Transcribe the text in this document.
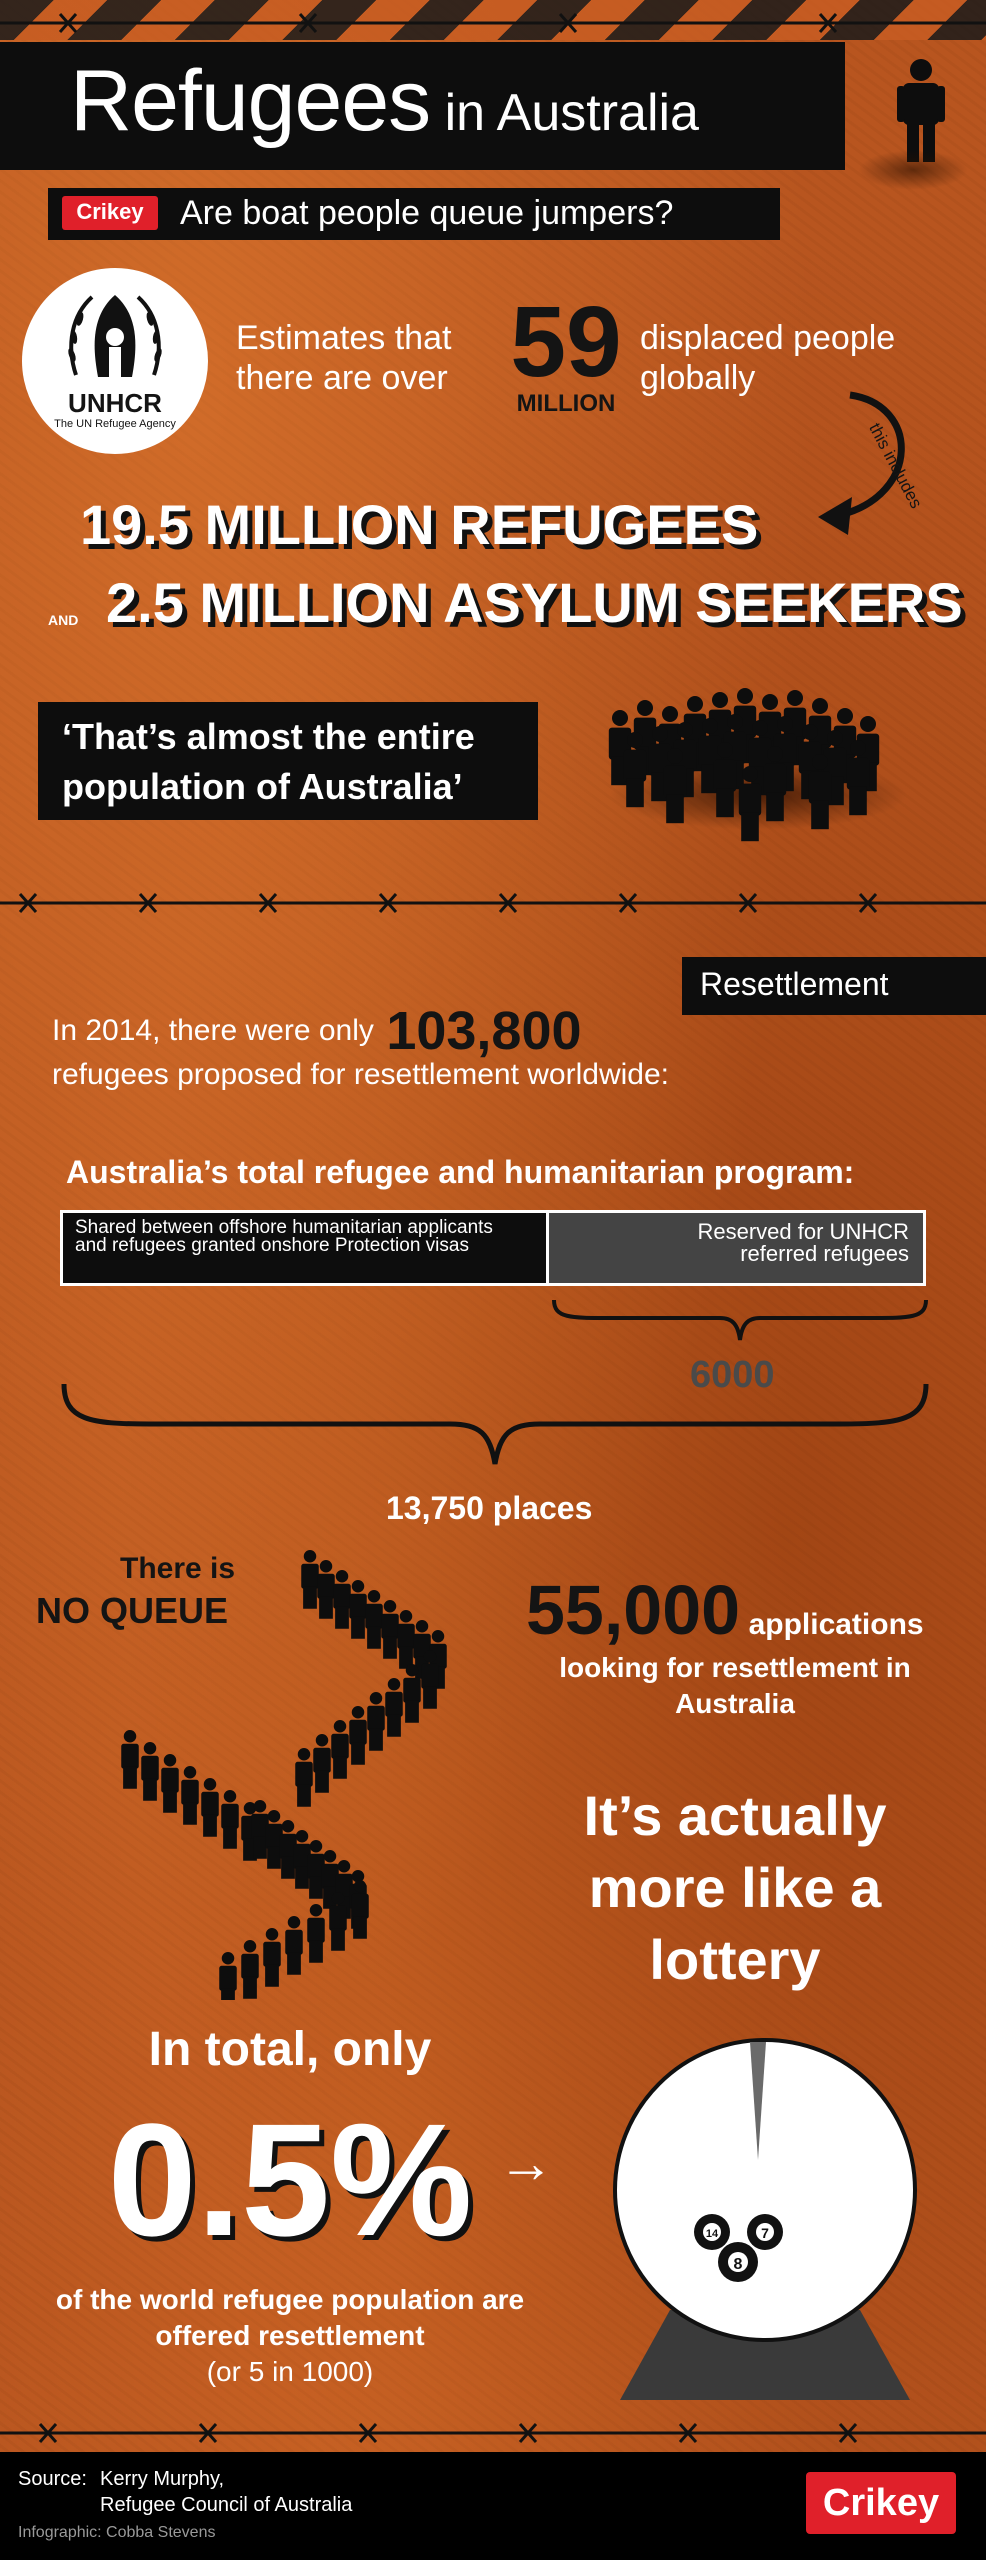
Refugees in Australia
Crikey	Are boat people queue jumpers?
UNHCR
The UN Refugee Agency
Estimates that there are over 59
MILLION
displaced people globally
this includes
19.5 MILLION REFUGEES
AND 2.5 MILLION ASYLUM SEEKERS
‘That’s almost the entire population of Australia’
Resettlement
In 2014, there were only 103,800
refugees proposed for resettlement worldwide:
Australia’s total refugee and humanitarian program:
Shared between offshore humanitarian applicants and refugees granted onshore Protection visas
Reserved for UNHCR referred refugees
6000
13,750 places
There is
NO QUEUE	55,000 applications
looking for resettlement in Australia
It’s actually more like a lottery
In total, only
0.5% →
of the world refugee population are offered resettlement
(or 5 in 1000)
14	7
8
Source: Kerry Murphy,
Refugee Council of Australia
Infographic: Cobba Stevens
Crikey
